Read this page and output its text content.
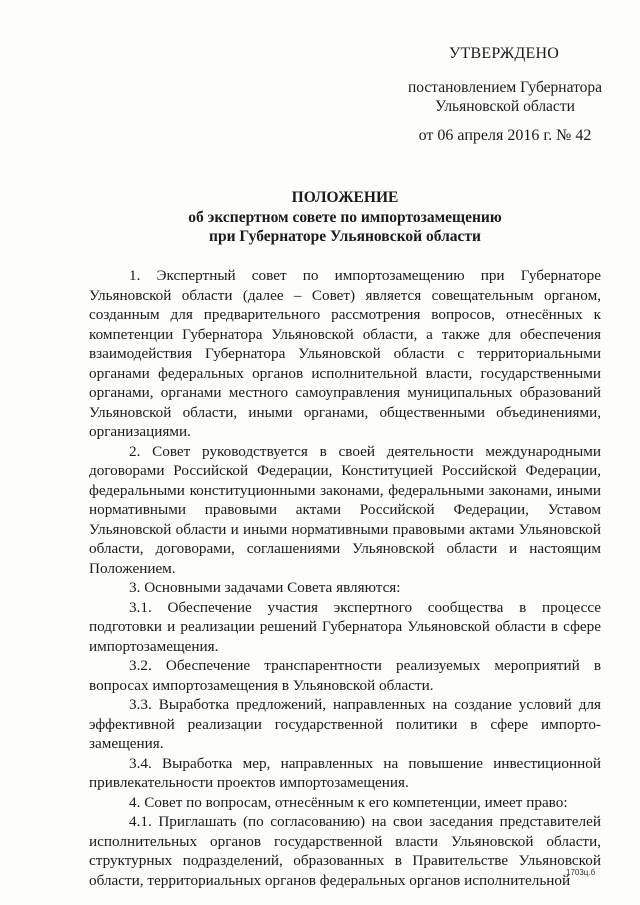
УТВЕРЖДЕНО
постановлением Губернатора
Ульяновской области
от 06 апреля 2016 г. № 42
ПОЛОЖЕНИЕ
об экспертном совете по импортозамещению
при Губернаторе Ульяновской области

1. Экспертный совет по импортозамещению при Губернаторе Ульяновской области (далее – Совет) является совещательным органом, созданным для предварительного рассмотрения вопросов, отнесённых к компетенции Губернатора Ульяновской области, а также для обеспечения взаимодействия Губернатора Ульяновской области с территориальными органами федеральных органов исполнительной власти, государственными органами, органами местного самоуправления муниципальных образований Ульяновской области, иными органами, общественными объединениями, организациями.

2. Совет руководствуется в своей деятельности международными договорами Российской Федерации, Конституцией Российской Федерации, федеральными конституционными законами, федеральными законами, иными нормативными правовыми актами Российской Федерации, Уставом Ульяновской области и иными нормативными правовыми актами Ульяновской области, договорами, соглашениями Ульяновской области и настоящим Положением.

3. Основными задачами Совета являются:

3.1. Обеспечение участия экспертного сообщества в процессе подготовки и реализации решений Губернатора Ульяновской области в сфере импортозамещения.

3.2. Обеспечение транспарентности реализуемых мероприятий в вопросах импортозамещения в Ульяновской области.

3.3. Выработка предложений, направленных на создание условий для эффективной реализации государственной политики в сфере импорто-замещения.

3.4. Выработка мер, направленных на повышение инвестиционной привлекательности проектов импортозамещения.

4. Совет по вопросам, отнесённым к его компетенции, имеет право:

4.1. Приглашать (по согласованию) на свои заседания представителей исполнительных органов государственной власти Ульяновской области, структурных подразделений, образованных в Правительстве Ульяновской области, территориальных органов федеральных органов исполнительной

1703ц.б
